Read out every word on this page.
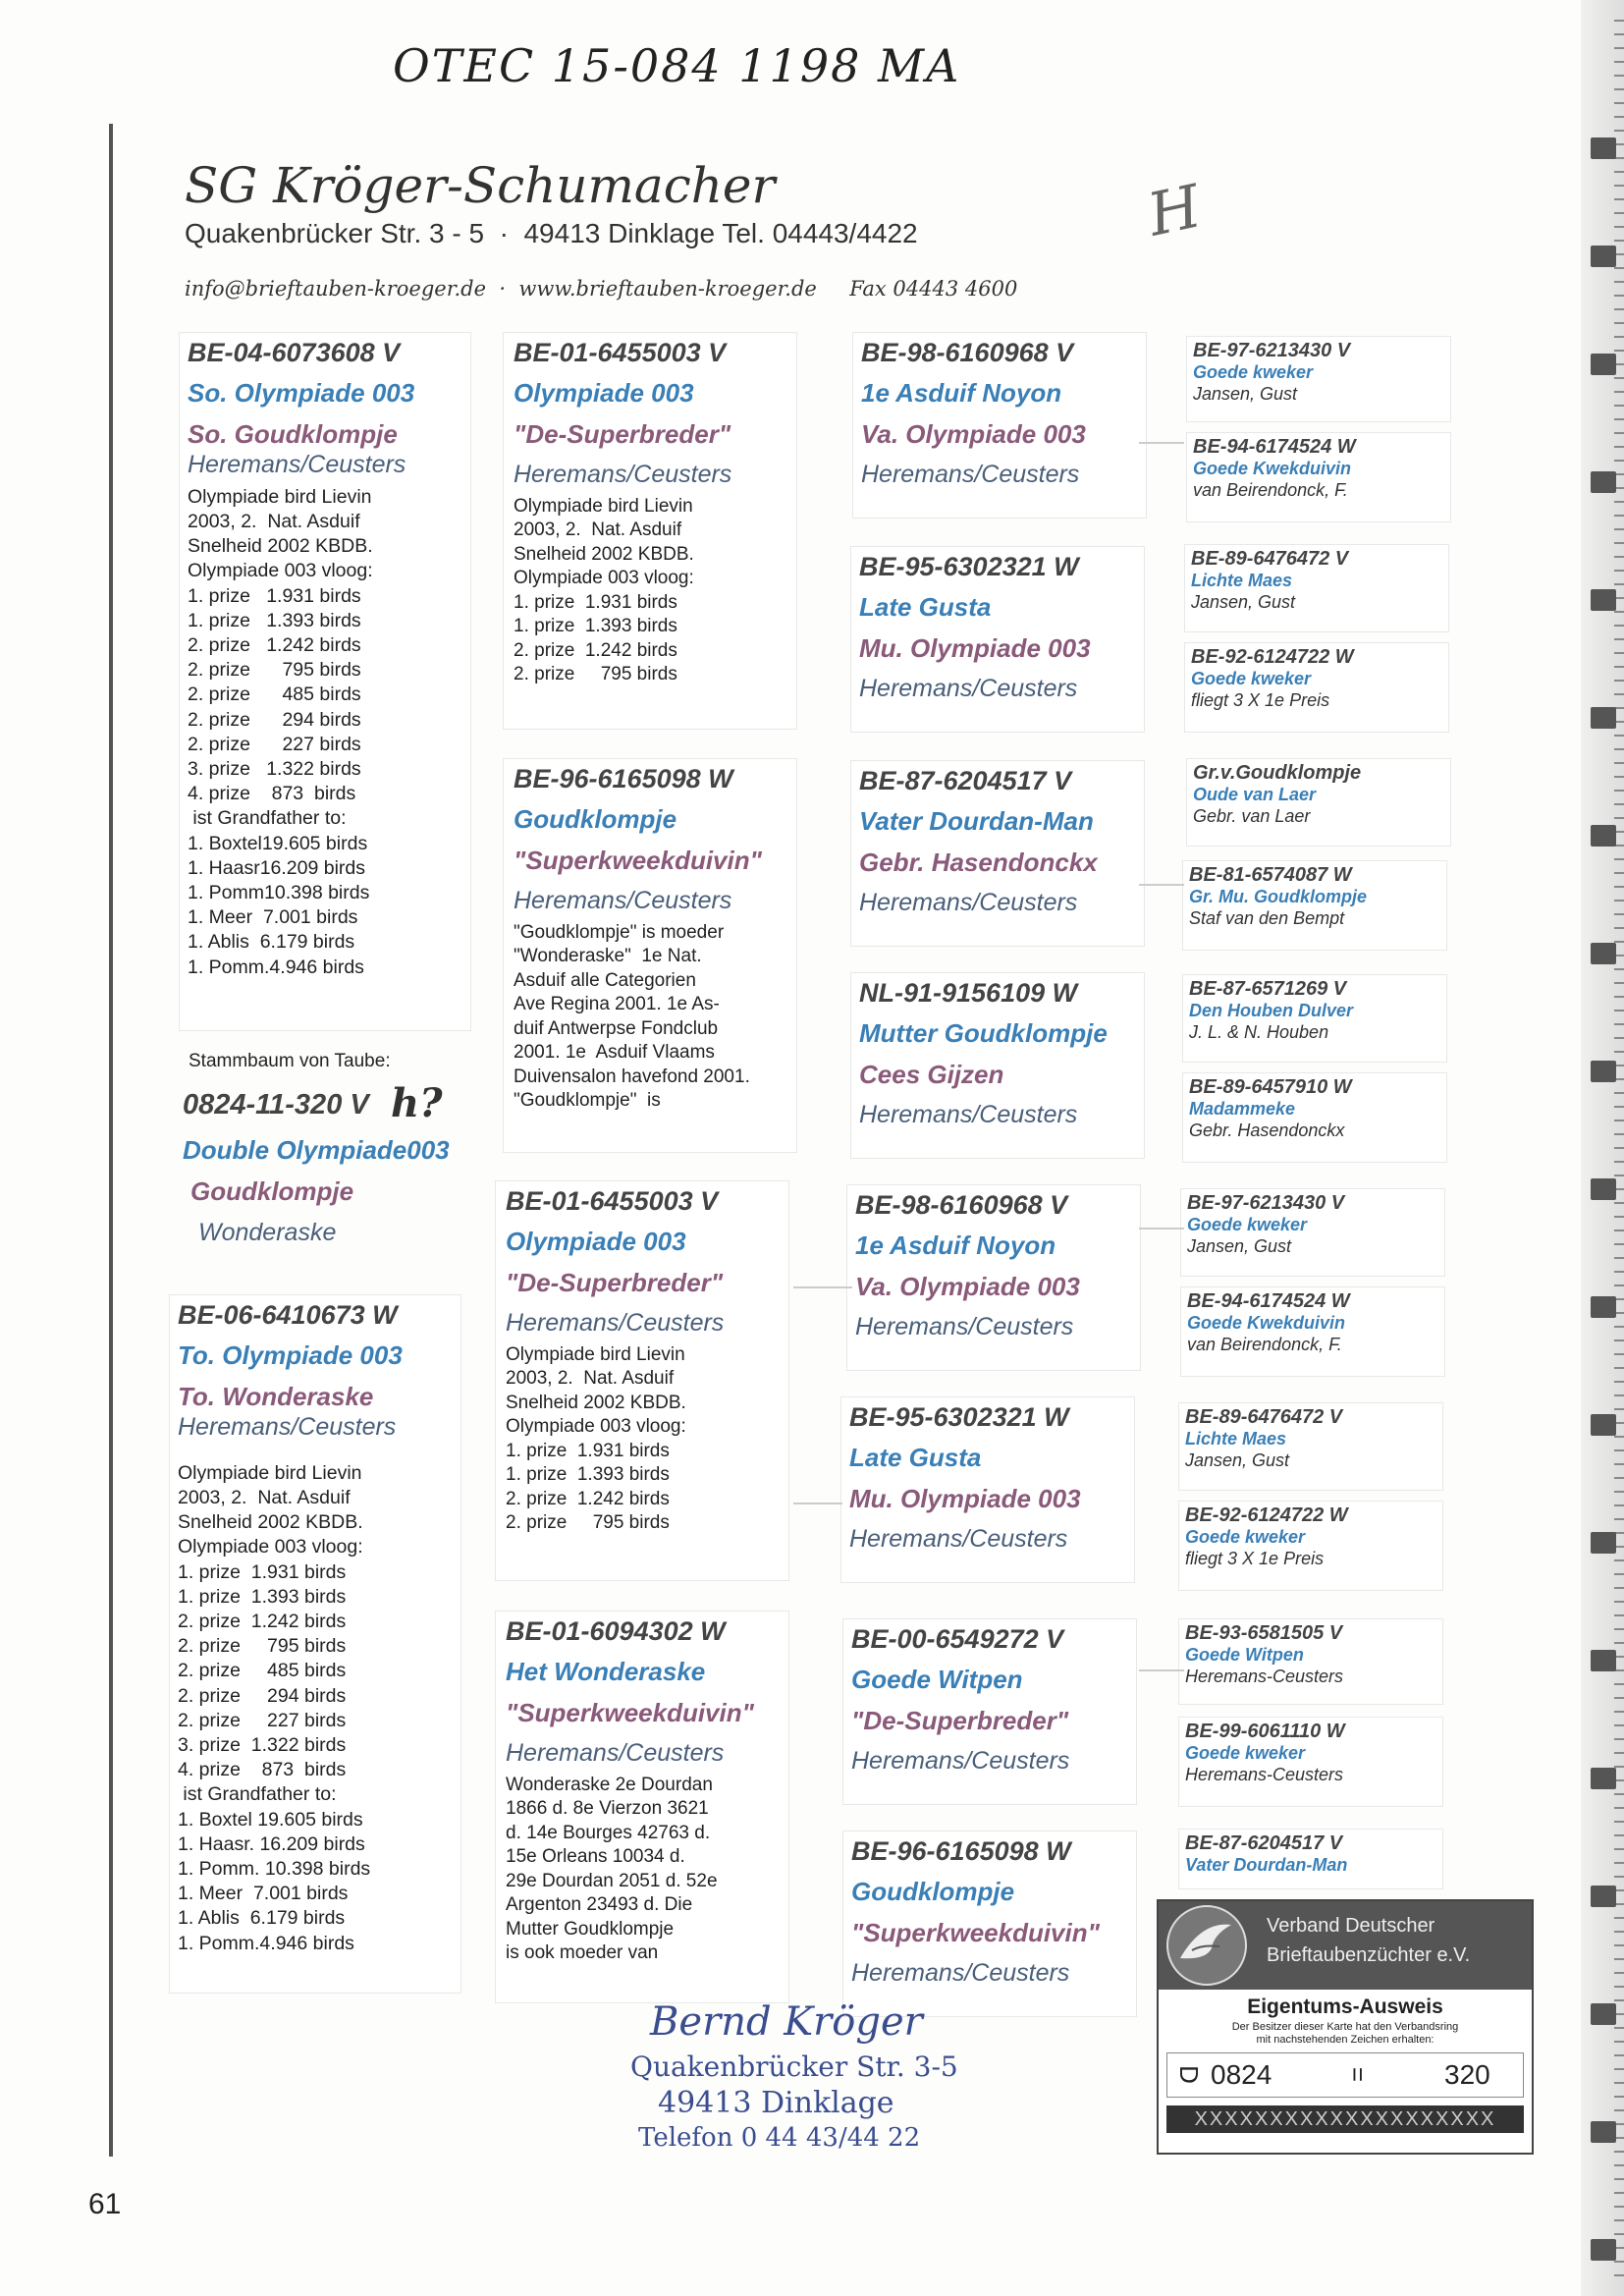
OTEC 15-084 1198 MA
SG Kröger-Schumacher
Quakenbrücker Str. 3 - 5  ·  49413 Dinklage Tel. 04443/4422
info@brieftauben-kroeger.de  ·  www.brieftauben-kroeger.de     Fax 04443 4600
H
BE-04-6073608 V
So. Olympiade 003
So. Goudklompje
Heremans/Ceusters
Olympiade bird Lievin
2003, 2.  Nat. Asduif
Snelheid 2002 KBDB.
Olympiade 003 vloog:
1. prize   1.931 birds
1. prize   1.393 birds
2. prize   1.242 birds
2. prize      795 birds
2. prize      485 birds
2. prize      294 birds
2. prize      227 birds
3. prize   1.322 birds
4. prize    873  birds
ist Grandfather to:
1. Boxtel19.605 birds
1. Haasr16.209 birds
1. Pomm10.398 birds
1. Meer  7.001 birds
1. Ablis  6.179 birds
1. Pomm.4.946 birds
Stammbaum von Taube:
0824-11-320 V h?
Double Olympiade003
Goudklompje
Wonderaske
BE-06-6410673 W
To. Olympiade 003
To. Wonderaske
Heremans/Ceusters
Olympiade bird Lievin
2003, 2.  Nat. Asduif
Snelheid 2002 KBDB.
Olympiade 003 vloog:
1. prize  1.931 birds
1. prize  1.393 birds
2. prize  1.242 birds
2. prize     795 birds
2. prize     485 birds
2. prize     294 birds
2. prize     227 birds
3. prize  1.322 birds
4. prize    873  birds
ist Grandfather to:
1. Boxtel 19.605 birds
1. Haasr. 16.209 birds
1. Pomm. 10.398 birds
1. Meer  7.001 birds
1. Ablis  6.179 birds
1. Pomm.4.946 birds
BE-01-6455003 V
Olympiade 003
"De-Superbreder"
Heremans/Ceusters
Olympiade bird Lievin
2003, 2.  Nat. Asduif
Snelheid 2002 KBDB.
Olympiade 003 vloog:
1. prize  1.931 birds
1. prize  1.393 birds
2. prize  1.242 birds
2. prize     795 birds
BE-96-6165098 W
Goudklompje
"Superkweekduivin"
Heremans/Ceusters
"Goudklompje" is moeder
"Wonderaske"  1e Nat.
Asduif alle Categorien
Ave Regina 2001. 1e As-
duif Antwerpse Fondclub
2001. 1e  Asduif Vlaams
Duivensalon havefond 2001.
"Goudklompje"  is
BE-01-6455003 V
Olympiade 003
"De-Superbreder"
Heremans/Ceusters
Olympiade bird Lievin
2003, 2.  Nat. Asduif
Snelheid 2002 KBDB.
Olympiade 003 vloog:
1. prize  1.931 birds
1. prize  1.393 birds
2. prize  1.242 birds
2. prize     795 birds
BE-01-6094302 W
Het Wonderaske
"Superkweekduivin"
Heremans/Ceusters
Wonderaske 2e Dourdan
1866 d. 8e Vierzon 3621
d. 14e Bourges 42763 d.
15e Orleans 10034 d.
29e Dourdan 2051 d. 52e
Argenton 23493 d. Die
Mutter Goudklompje
is ook moeder van
BE-98-6160968 V
1e Asduif Noyon
Va. Olympiade 003
Heremans/Ceusters
BE-95-6302321 W
Late Gusta
Mu. Olympiade 003
Heremans/Ceusters
BE-87-6204517 V
Vater Dourdan-Man
Gebr. Hasendonckx
Heremans/Ceusters
NL-91-9156109 W
Mutter Goudklompje
Cees Gijzen
Heremans/Ceusters
BE-98-6160968 V
1e Asduif Noyon
Va. Olympiade 003
Heremans/Ceusters
BE-95-6302321 W
Late Gusta
Mu. Olympiade 003
Heremans/Ceusters
BE-00-6549272 V
Goede Witpen
"De-Superbreder"
Heremans/Ceusters
BE-96-6165098 W
Goudklompje
"Superkweekduivin"
Heremans/Ceusters
BE-97-6213430 V
Goede kweker
Jansen, Gust
BE-94-6174524 W
Goede Kwekduivin
van Beirendonck, F.
BE-89-6476472 V
Lichte Maes
Jansen, Gust
BE-92-6124722 W
Goede kweker
fliegt 3 X 1e Preis
Gr.v.Goudklompje
Oude van Laer
Gebr. van Laer
BE-81-6574087 W
Gr. Mu. Goudklompje
Staf van den Bempt
BE-87-6571269 V
Den Houben Dulver
J. L. & N. Houben
BE-89-6457910 W
Madammeke
Gebr. Hasendonckx
BE-97-6213430 V
Goede kweker
Jansen, Gust
BE-94-6174524 W
Goede Kwekduivin
van Beirendonck, F.
BE-89-6476472 V
Lichte Maes
Jansen, Gust
BE-92-6124722 W
Goede kweker
fliegt 3 X 1e Preis
BE-93-6581505 V
Goede Witpen
Heremans-Ceusters
BE-99-6061110 W
Goede kweker
Heremans-Ceusters
BE-87-6204517 V
Vater Dourdan-Man
Bernd Kröger
Quakenbrücker Str. 3-5
49413 Dinklage
Telefon 0 44 43/44 22
Verband Deutscher
Brieftaubenzüchter e.V.
Eigentums-Ausweis
Der Besitzer dieser Karte hat den Verbandsring
mit nachstehenden Zeichen erhalten:
D 0824	=	320
XXXXXXXXXXXXXXXXXXXX
61
